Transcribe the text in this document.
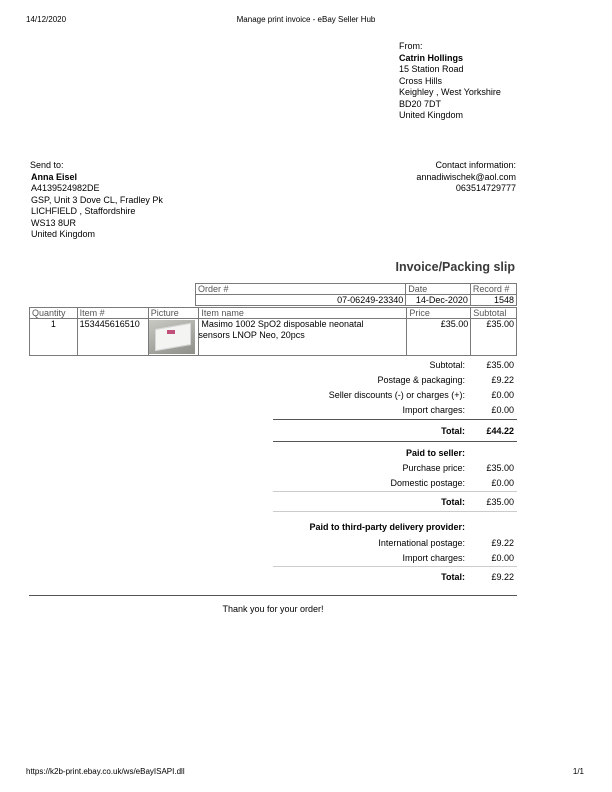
14/12/2020	Manage print invoice - eBay Seller Hub
From:
Catrin Hollings
15 Station Road
Cross Hills
Keighley , West Yorkshire
BD20 7DT
United Kingdom
Send to:
Anna Eisel
A4139524982DE
GSP, Unit 3 Dove CL, Fradley Pk
LICHFIELD , Staffordshire
WS13 8UR
United Kingdom
Contact information:
annadiwischek@aol.com
063514729777
Invoice/Packing slip
Order #	Date	Record #
07-06249-23340	14-Dec-2020	1548
Quantity	Item #	Picture	Item name	Price	Subtotal
1	153445616510		Masimo 1002 SpO2 disposable neonatal
sensors LNOP Neo, 20pcs	£35.00	£35.00
Subtotal: £35.00
Postage & packaging:	£9.22
Seller discounts (-) or charges (+):	£0.00
Import charges:	£0.00
Total: £44.22
Paid to seller:
Purchase price: £35.00
Domestic postage:	£0.00
Total: £35.00
Paid to third-party delivery provider:
International postage:	£9.22
Import charges:	£0.00
Total:	£9.22
Thank you for your order!
https://k2b-print.ebay.co.uk/ws/eBayISAPI.dll	1/1
